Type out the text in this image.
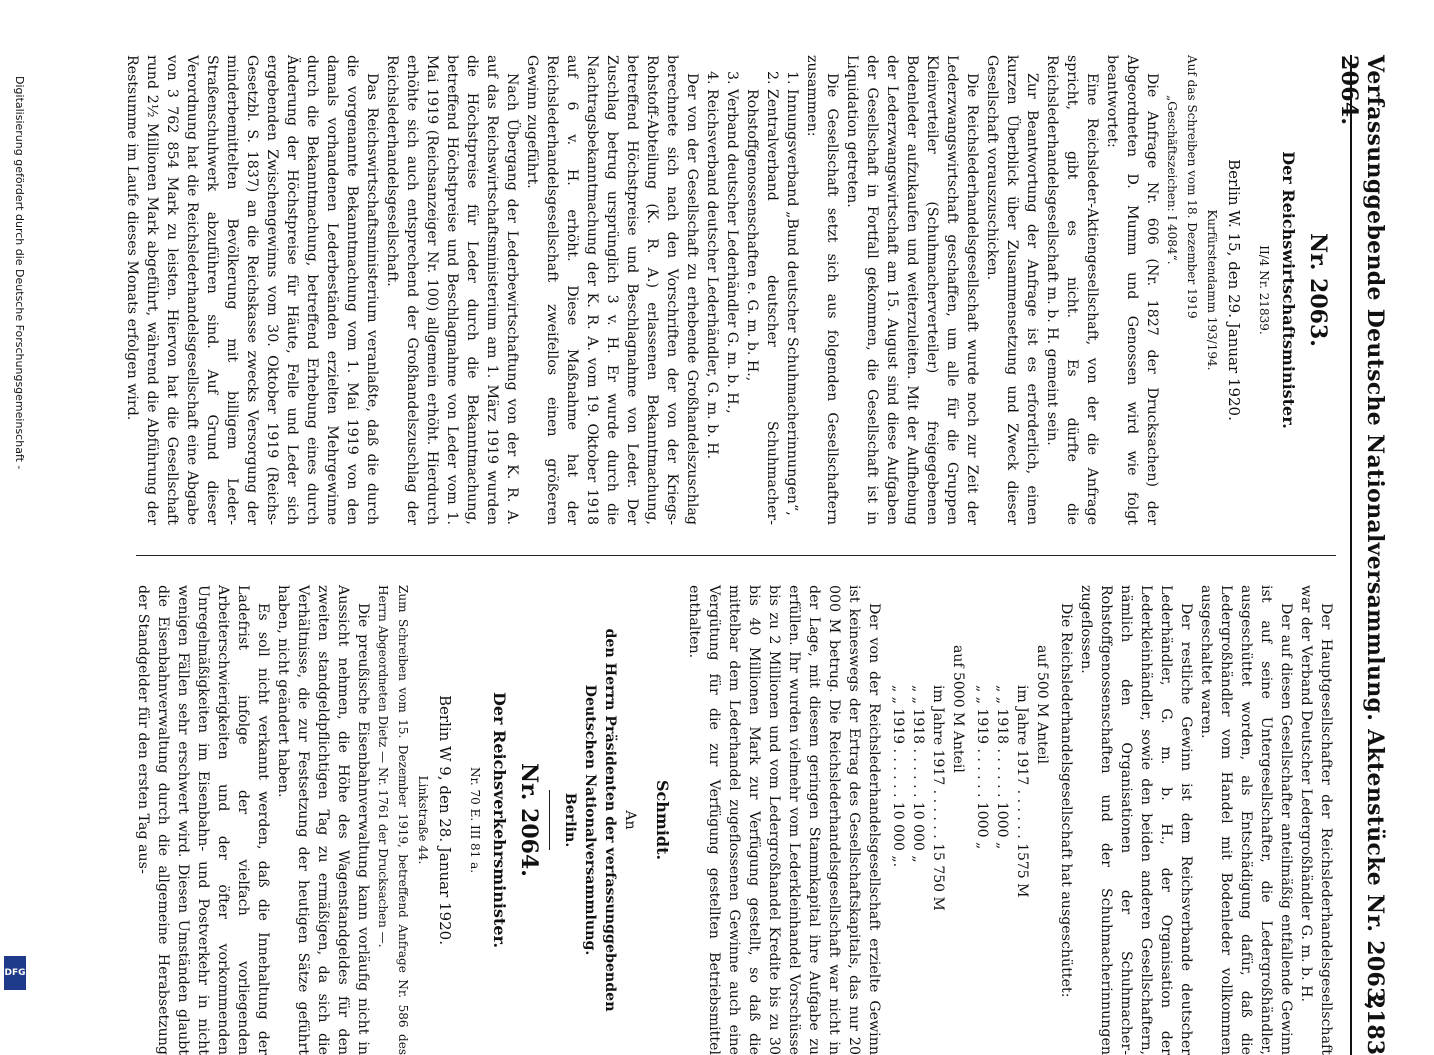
Verfassunggebende Deutsche Nationalversammlung. Aktenstücke Nr. 2063, 2064.
2183
Nr. 2063.
Der Reichswirtschaftsminister.
II/4 Nr. 21839.
Berlin W. 15, den 29. Januar 1920.
Kurfürstendamm 193/194.

Auf das Schreiben vom 18. Dezember 1919

„Geschäftszeichen: I 4084“.

Die Anfrage Nr. 606 (Nr. 1827 der Drucksachen) der Abgeordneten D. Mumm und Genossen wird wie folgt beantwortet:

Eine Reichsleder-Aktiengesellschaft, von der die Anfrage spricht, gibt es nicht. Es dürfte die Reichslederhandelsgesellschaft m. b. H. gemeint sein.

Zur Beantwortung der Anfrage ist es erforderlich, einen kurzen Überblick über Zusammensetzung und Zweck dieser Gesellschaft vorauszuschicken.

Die Reichslederhandelsgesellschaft wurde noch zur Zeit der Lederzwangswirtschaft geschaffen, um alle für die Gruppen Kleinverteiler (Schuhmacherverteiler) freigegebenen Bodenleder aufzukaufen und weiterzuleiten. Mit der Aufhebung der Lederzwangswirtschaft am 15. August sind diese Aufgaben der Gesellschaft in Fortfall gekommen, die Gesellschaft ist in Liquidation getreten.

Die Gesellschaft setzt sich aus folgenden Gesellschaftern zusammen:

1. Innungsverband „Bund deutscher Schuhmacherinnungen“,
2. Zentralverband deutscher Schuhmacher-Rohstoffgenossenschaften e. G. m. b. H.,
3. Verband deutscher Lederhändler G. m. b. H.,
4. Reichsverband deutscher Lederhändler, G. m. b. H.

Der von der Gesellschaft zu erhebende Großhandelszuschlag berechnete sich nach den Vorschriften der von der Kriegs-Rohstoff-Abteilung (K. R. A.) erlassenen Bekanntmachung, betreffend Höchstpreise und Beschlagnahme von Leder. Der Zuschlag betrug ursprünglich 3 v. H. Er wurde durch die Nachtragsbekanntmachung der K. R. A. vom 19. Oktober 1918 auf 6 v. H. erhöht. Diese Maßnahme hat der Reichslederhandelsgesellschaft zweifellos einen größeren Gewinn zugeführt.

Nach Übergang der Lederbewirtschaftung von der K. R. A. auf das Reichswirtschaftsministerium am 1. März 1919 wurden die Höchstpreise für Leder durch die Bekanntmachung, betreffend Höchstpreise und Beschlagnahme von Leder vom 1. Mai 1919 (Reichsanzeiger Nr. 100) allgemein erhöht. Hierdurch erhöhte sich auch entsprechend der Großhandelszuschlag der Reichslederhandelsgesellschaft.

Das Reichswirtschaftsministerium veranlaßte, daß die durch die vorgenannte Bekanntmachung vom 1. Mai 1919 von den damals vorhandenen Lederbeständen erzielten Mehrgewinne durch die Bekanntmachung, betreffend Erhebung eines durch Änderung der Höchstpreise für Häute, Felle und Leder sich ergebenden Zwischengewinns vom 30. Oktober 1919 (Reichs-Gesetzbl. S. 1837) an die Reichskasse zwecks Versorgung der minderbemittelten Bevölkerung mit billigem Leder-Straßenschuhwerk abzuführen sind. Auf Grund dieser Verordnung hat die Reichslederhandelsgesellschaft eine Abgabe von 3 762 854 Mark zu leisten. Hiervon hat die Gesellschaft rund 2½ Millionen Mark abgeführt, während die Abführung der Restsumme im Laufe dieses Monats erfolgen wird.

Der Hauptgesellschafter der Reichslederhandelsgesellschaft war der Verband Deutscher Ledergroßhändler G. m. b. H.

Der auf diesen Gesellschafter anteilmäßig entfallende Gewinn ist auf seine Untergesellschafter, die Ledergroßhändler, ausgeschüttet worden, als Entschädigung dafür, daß die Ledergroßhändler vom Handel mit Bodenleder vollkommen ausgeschaltet waren.

Der restliche Gewinn ist dem Reichsverbande deutscher Lederhändler, G. m. b. H., der Organisation der Lederkleinhändler, sowie den beiden anderen Gesellschaftern, nämlich den Organisationen der Schuhmacher-Rohstoffgenossenschaften und der Schuhmacherinnungen zugeflossen.

Die Reichslederhandelsgesellschaft hat ausgeschüttet:

auf 500 M Anteil
im Jahre 1917 . . . . . . 1575 M
„ „ 1918 . . . . . . 1000 „
„ „ 1919 . . . . . . 1000 „
auf 5000 M Anteil
im Jahre 1917 . . . . . . 15 750 M
„ „ 1918 . . . . . . 10 000 „
„ „ 1919 . . . . . . 10 000 „.

Der von der Reichslederhandelsgesellschaft erzielte Gewinn ist keineswegs der Ertrag des Gesellschaftskapitals, das nur 20 000 M betrug. Die Reichslederhandelsgesellschaft war nicht in der Lage, mit diesem geringen Stammkapital ihre Aufgabe zu erfüllen. Ihr wurden vielmehr vom Lederkleinhandel Vorschüsse bis zu 2 Millionen und vom Ledergroßhandel Kredite bis zu 30 bis 40 Millionen Mark zur Verfügung gestellt, so daß die mittelbar dem Lederhandel zugeflossenen Gewinne auch eine Vergütung für die zur Verfügung gestellten Betriebsmittel enthalten.

Schmidt.
An
den Herrn Präsidenten der verfassunggebenden Deutschen Nationalversammlung.
Berlin.
Nr. 2064.
Der Reichsverkehrsminister.
Nr. 70 E. III 81 a.
Berlin W 9, den 28. Januar 1920.
Linkstraße 44.

Zum Schreiben vom 15. Dezember 1919, betreffend Anfrage Nr. 586 des Herrn Abgeordneten Dietz — Nr. 1761 der Drucksachen —.

Die preußische Eisenbahnverwaltung kann vorläufig nicht in Aussicht nehmen, die Höhe des Wagenstandgeldes für den zweiten standgeldpflichtigen Tag zu ermäßigen, da sich die Verhältnisse, die zur Festsetzung der heutigen Sätze geführt haben, nicht geändert haben.

Es soll nicht verkannt werden, daß die Innehaltung der Ladefrist infolge der vielfach vorliegenden Arbeiterschwierigkeiten und der öfter vorkommenden Unregelmäßigkeiten im Eisenbahn- und Postverkehr in nicht wenigen Fällen sehr erschwert wird. Diesen Umständen glaubt die Eisenbahnverwaltung durch die allgemeine Herabsetzung der Standgelder für den ersten Tag aus-

Digitalisierung gefördert durch die Deutsche Forschungsgemeinschaft -
DFG
